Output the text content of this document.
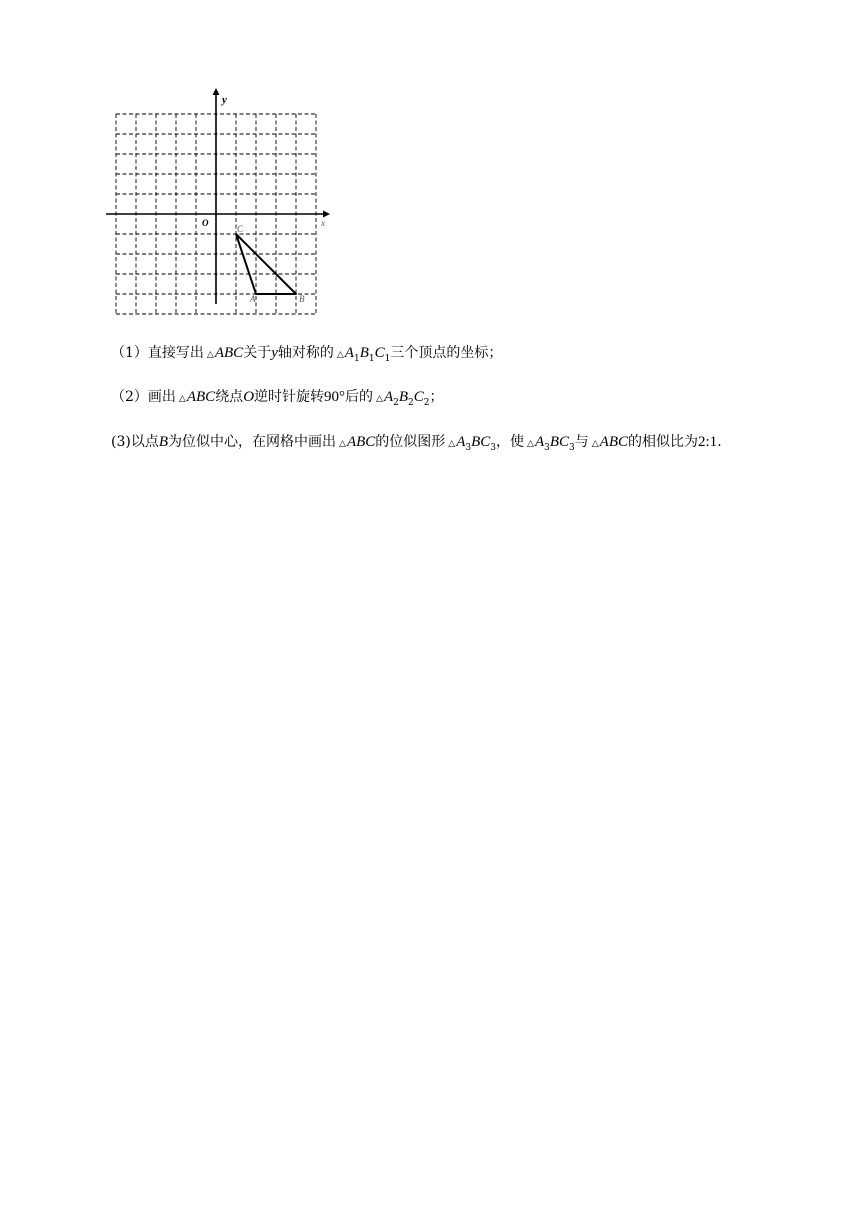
y
x
O
C
A	B
（1）直接写出 △ABC关于y轴对称的 $\triangle A_1B_1C_1$三个顶点的坐标；
（2）画出 △ABC绕点O逆时针旋转90°后的 $\triangle A_2B_2C_2$；
(3)以点B为位似中心，在网格中画出 △ABC的位似图形 $\triangle A_3BC_3$，使 $\triangle A_3BC_3$与 △ABC的相似比为2:1.
